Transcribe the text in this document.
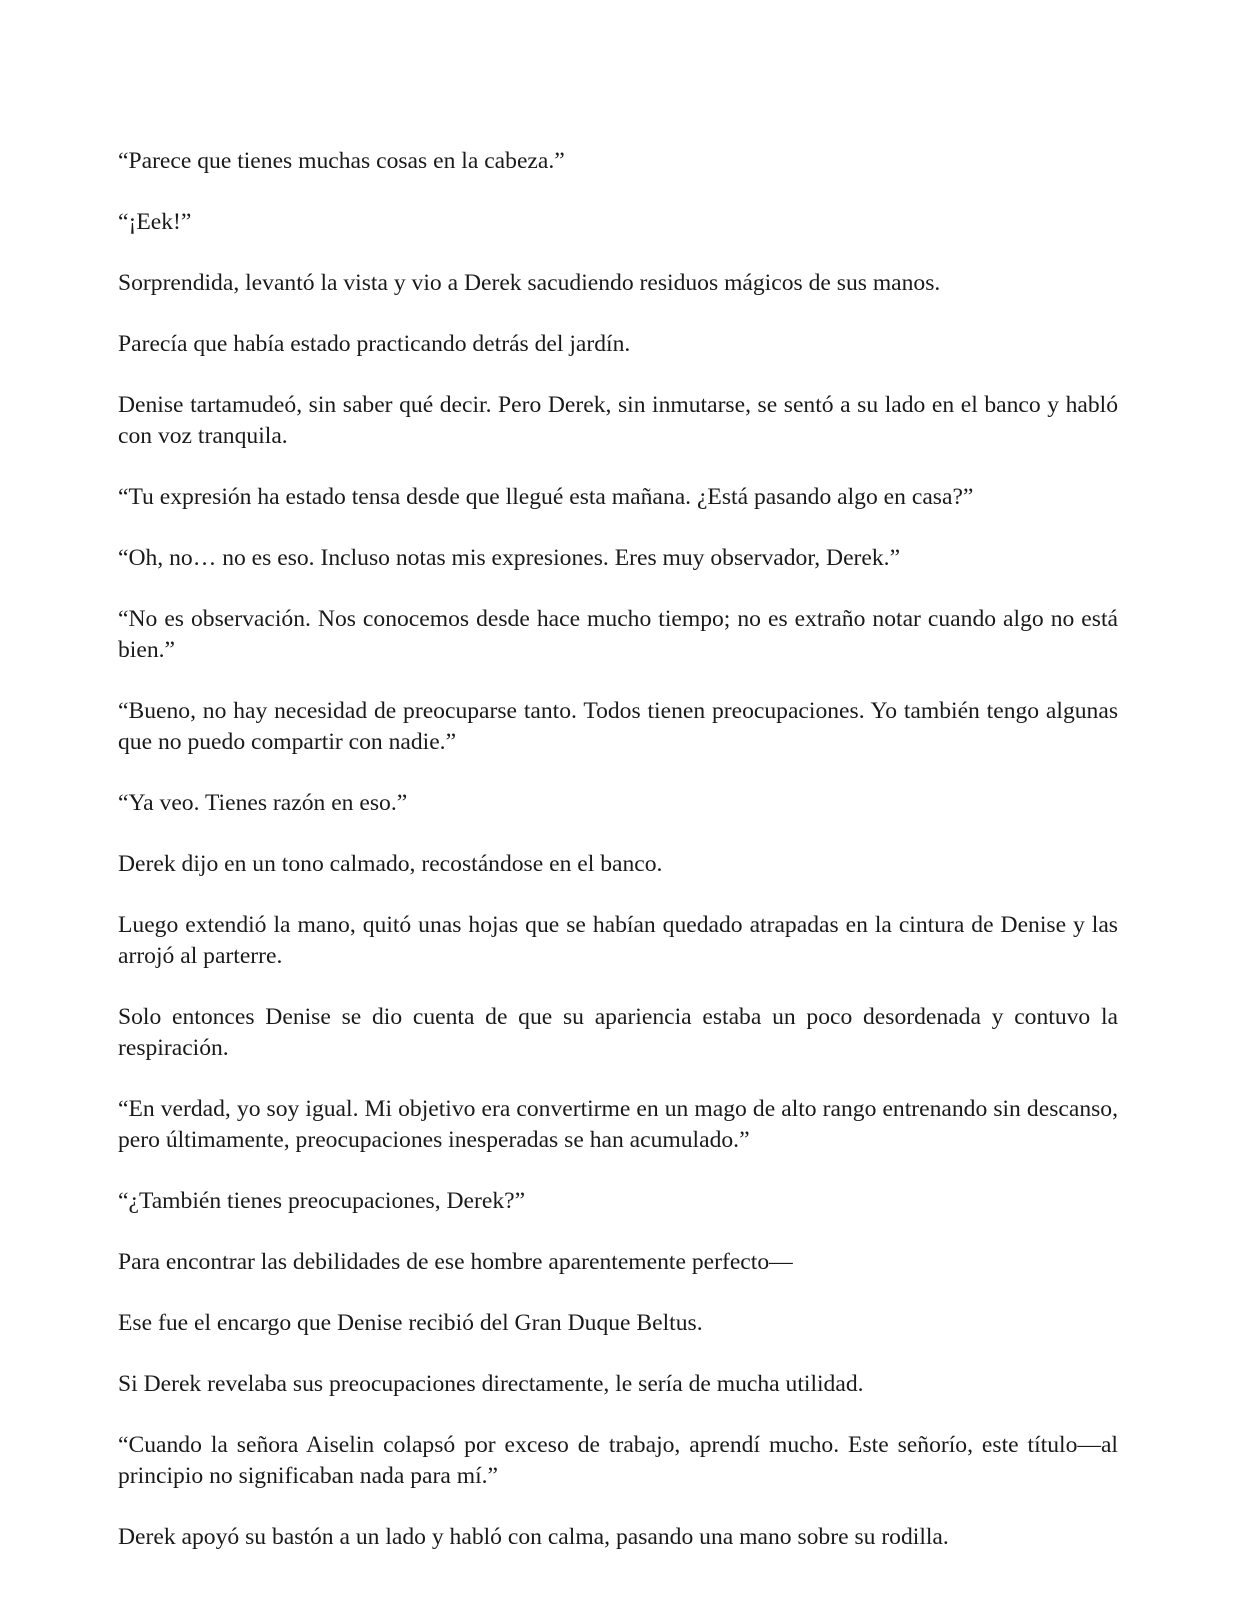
“Parece que tienes muchas cosas en la cabeza.”

“¡Eek!”

Sorprendida, levantó la vista y vio a Derek sacudiendo residuos mágicos de sus manos.

Parecía que había estado practicando detrás del jardín.

Denise tartamudeó, sin saber qué decir. Pero Derek, sin inmutarse, se sentó a su lado en el banco y habló con voz tranquila.

“Tu expresión ha estado tensa desde que llegué esta mañana. ¿Está pasando algo en casa?”

“Oh, no… no es eso. Incluso notas mis expresiones. Eres muy observador, Derek.”

“No es observación. Nos conocemos desde hace mucho tiempo; no es extraño notar cuando algo no está bien.”

“Bueno, no hay necesidad de preocuparse tanto. Todos tienen preocupaciones. Yo también tengo algunas que no puedo compartir con nadie.”

“Ya veo. Tienes razón en eso.”

Derek dijo en un tono calmado, recostándose en el banco.

Luego extendió la mano, quitó unas hojas que se habían quedado atrapadas en la cintura de Denise y las arrojó al parterre.

Solo entonces Denise se dio cuenta de que su apariencia estaba un poco desordenada y contuvo la respiración.

“En verdad, yo soy igual. Mi objetivo era convertirme en un mago de alto rango entrenando sin descanso, pero últimamente, preocupaciones inesperadas se han acumulado.”

“¿También tienes preocupaciones, Derek?”

Para encontrar las debilidades de ese hombre aparentemente perfecto—

Ese fue el encargo que Denise recibió del Gran Duque Beltus.

Si Derek revelaba sus preocupaciones directamente, le sería de mucha utilidad.

“Cuando la señora Aiselin colapsó por exceso de trabajo, aprendí mucho. Este señorío, este título—al principio no significaban nada para mí.”

Derek apoyó su bastón a un lado y habló con calma, pasando una mano sobre su rodilla.
